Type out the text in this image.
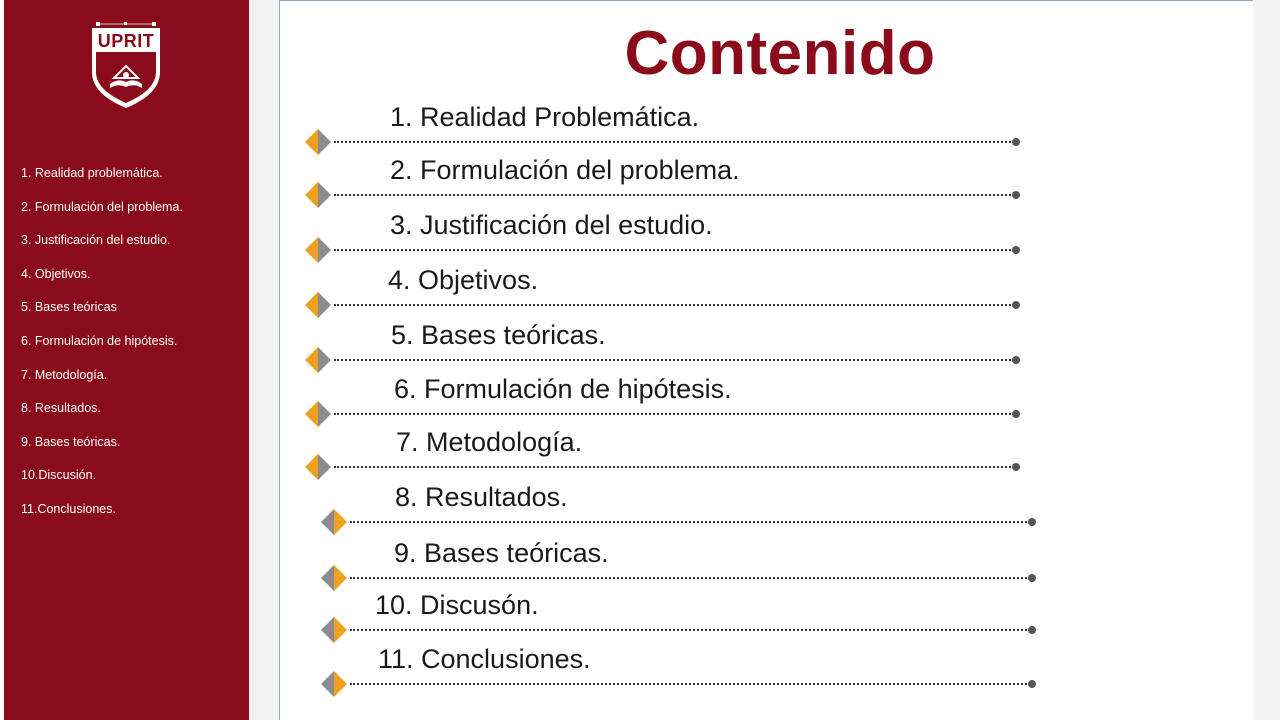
UPRIT
1. Realidad problemática.
2. Formulación del problema.
3. Justificación del estudio.
4. Objetivos.
5. Bases teóricas
6. Formulación de hipótesis.
7. Metodología.
8. Resultados.
9. Bases teóricas.
10.Discusión.
11.Conclusiones.
Contenido
1. Realidad Problemática.
2. Formulación del problema.
3. Justificación del estudio.
4. Objetivos.
5. Bases teóricas.
6. Formulación de hipótesis.
7. Metodología.
8. Resultados.
9. Bases teóricas.
10. Discusón.
11. Conclusiones.
